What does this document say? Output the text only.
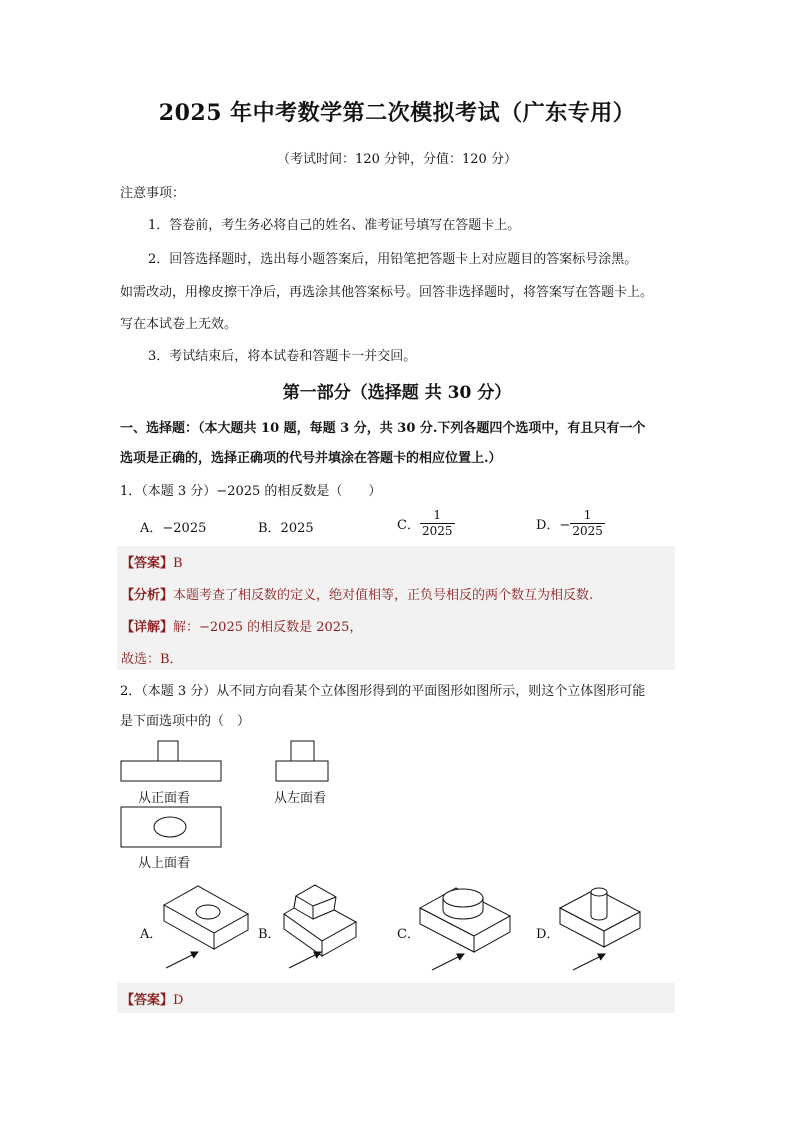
2025 年中考数学第二次模拟考试（广东专用）
（考试时间：120 分钟，分值：120 分）
注意事项：
1．答卷前，考生务必将自己的姓名、准考证号填写在答题卡上。
2．回答选择题时，选出每小题答案后，用铅笔把答题卡上对应题目的答案标号涂黑。
如需改动，用橡皮擦干净后，再选涂其他答案标号。回答非选择题时，将答案写在答题卡上。
写在本试卷上无效。
3．考试结束后，将本试卷和答题卡一并交回。
第一部分（选择题 共 30 分）
一、选择题：（本大题共 10 题，每题 3 分，共 30 分.下列各题四个选项中，有且只有一个
选项是正确的，选择正确项的代号并填涂在答题卡的相应位置上.）
1．（本题 3 分）−2025 的相反数是（　　）
A．−2025	B．2025	C． $\frac{1}{2025}$	D．− $\frac{1}{2025}$
【答案】B
【分析】本题考查了相反数的定义，绝对值相等，正负号相反的两个数互为相反数.
【详解】解：−2025 的相反数是 2025，
故选：B．
2．（本题 3 分）从不同方向看某个立体图形得到的平面图形如图所示，则这个立体图形可能
是下面选项中的（　）
从正面看	从左面看
从上面看
A．	B．	C．	D．
【答案】D
